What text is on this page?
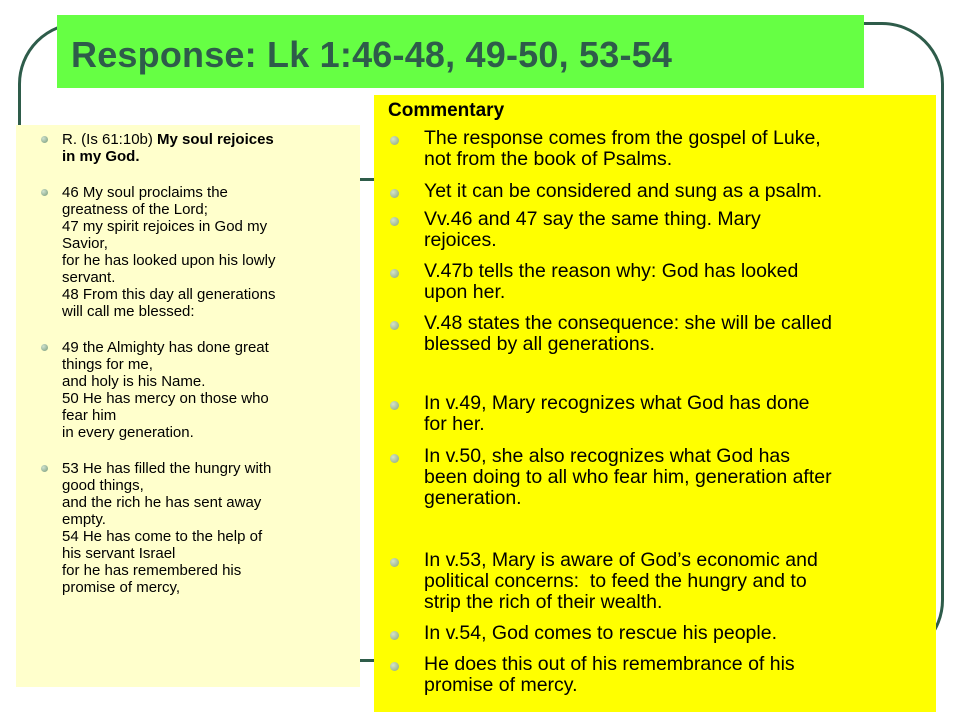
Response: Lk 1:46-48, 49-50, 53-54
R. (Is 61:10b) My soul rejoices
in my God.
46 My soul proclaims the
greatness of the Lord;
47 my spirit rejoices in God my
Savior,
for he has looked upon his lowly
servant.
48 From this day all generations
will call me blessed:
49 the Almighty has done great
things for me,
and holy is his Name.
50 He has mercy on those who
fear him
in every generation.
53 He has filled the hungry with
good things,
and the rich he has sent away
empty.
54 He has come to the help of
his servant Israel
for he has remembered his
promise of mercy,
Commentary
The response comes from the gospel of Luke,
not from the book of Psalms.
Yet it can be considered and sung as a psalm.
Vv.46 and 47 say the same thing. Mary
rejoices.
V.47b tells the reason why: God has looked
upon her.
V.48 states the consequence: she will be called
blessed by all generations.
In v.49, Mary recognizes what God has done
for her.
In v.50, she also recognizes what God has
been doing to all who fear him, generation after
generation.
In v.53, Mary is aware of God’s economic and
political concerns:  to feed the hungry and to
strip the rich of their wealth.
In v.54, God comes to rescue his people.
He does this out of his remembrance of his
promise of mercy.
